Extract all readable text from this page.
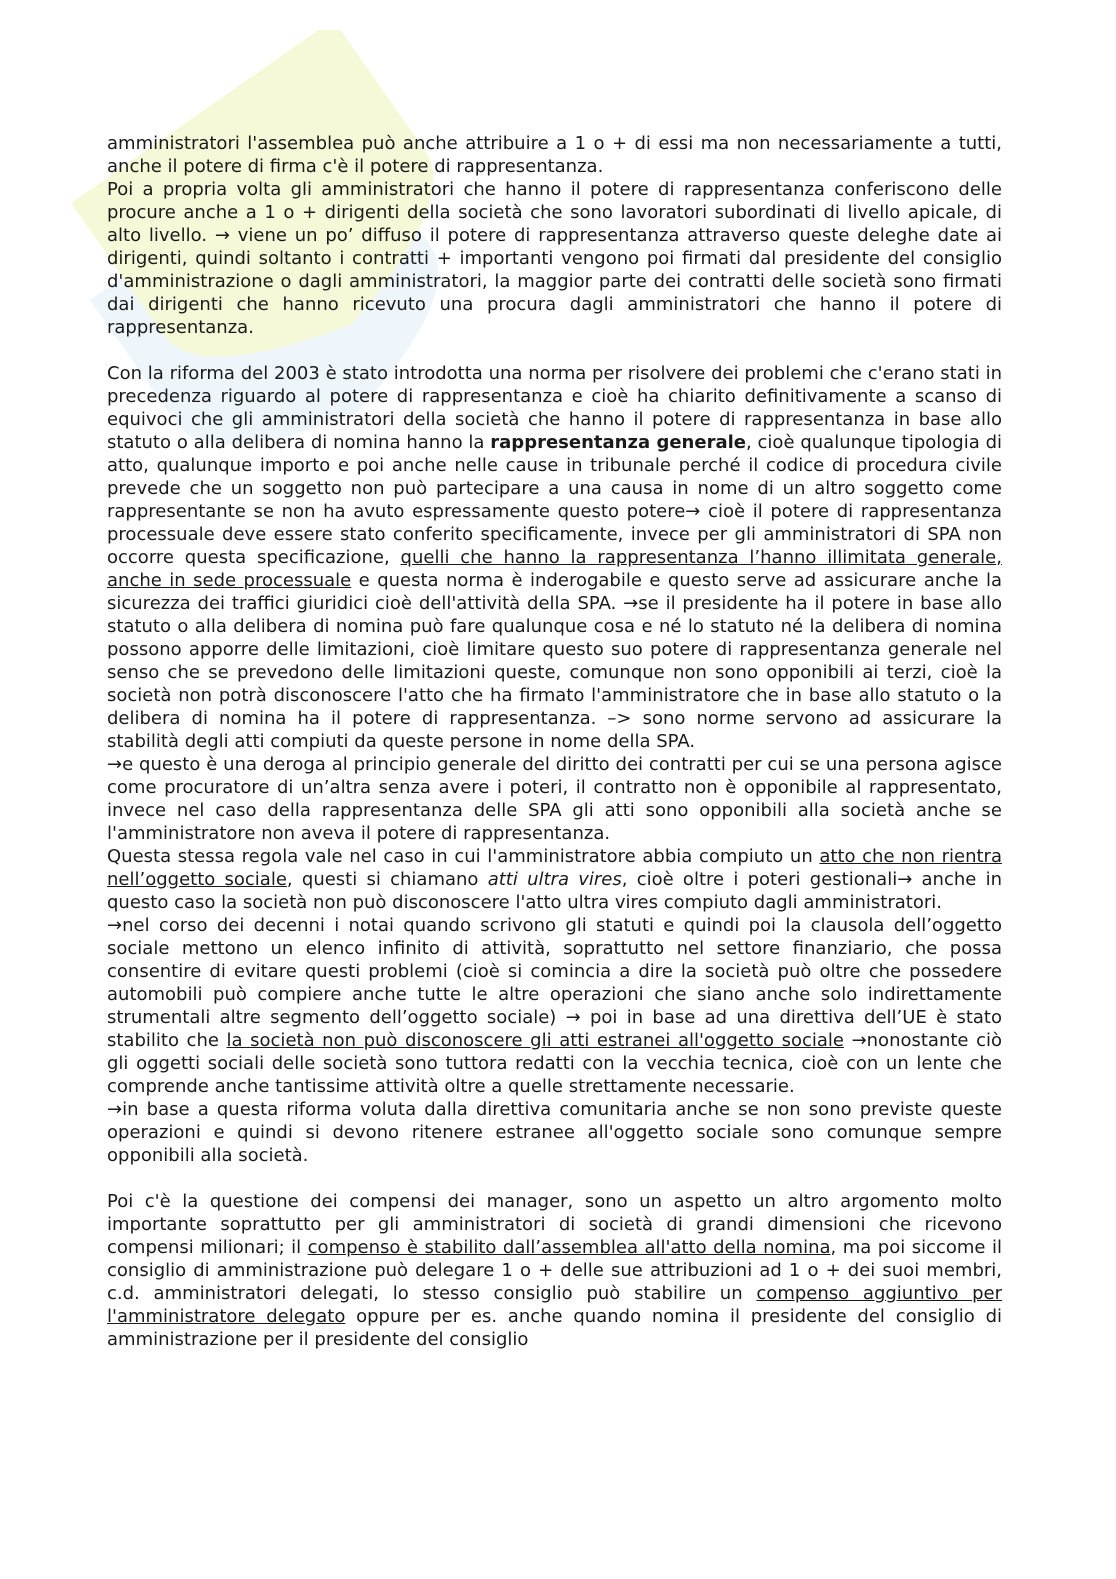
amministratori l'assemblea può anche attribuire a 1 o + di essi ma non necessariamente a tutti, anche il potere di firma c'è il potere di rappresentanza.

Poi a propria volta gli amministratori che hanno il potere di rappresentanza conferiscono delle procure anche a 1 o + dirigenti della società che sono lavoratori subordinati di livello apicale, di alto livello. → viene un po’ diffuso il potere di rappresentanza attraverso queste deleghe date ai dirigenti, quindi soltanto i contratti + importanti vengono poi firmati dal presidente del consiglio d'amministrazione o dagli amministratori, la maggior parte dei contratti delle società sono firmati dai dirigenti che hanno ricevuto una procura dagli amministratori che hanno il potere di rappresentanza.

Con la riforma del 2003 è stato introdotta una norma per risolvere dei problemi che c'erano stati in precedenza riguardo al potere di rappresentanza e cioè ha chiarito definitivamente a scanso di equivoci che gli amministratori della società che hanno il potere di rappresentanza in base allo statuto o alla delibera di nomina hanno la rappresentanza generale, cioè qualunque tipologia di atto, qualunque importo e poi anche nelle cause in tribunale perché il codice di procedura civile prevede che un soggetto non può partecipare a una causa in nome di un altro soggetto come rappresentante se non ha avuto espressamente questo potere→ cioè il potere di rappresentanza processuale deve essere stato conferito specificamente, invece per gli amministratori di SPA non occorre questa specificazione, quelli che hanno la rappresentanza l’hanno illimitata generale, anche in sede processuale e questa norma è inderogabile e questo serve ad assicurare anche la sicurezza dei traffici giuridici cioè dell'attività della SPA. →se il presidente ha il potere in base allo statuto o alla delibera di nomina può fare qualunque cosa e né lo statuto né la delibera di nomina possono apporre delle limitazioni, cioè limitare questo suo potere di rappresentanza generale nel senso che se prevedono delle limitazioni queste, comunque non sono opponibili ai terzi, cioè la società non potrà disconoscere l'atto che ha firmato l'amministratore che in base allo statuto o la delibera di nomina ha il potere di rappresentanza. –> sono norme servono ad assicurare la stabilità degli atti compiuti da queste persone in nome della SPA.

→e questo è una deroga al principio generale del diritto dei contratti per cui se una persona agisce come procuratore di un’altra senza avere i poteri, il contratto non è opponibile al rappresentato, invece nel caso della rappresentanza delle SPA gli atti sono opponibili alla società anche se l'amministratore non aveva il potere di rappresentanza.

Questa stessa regola vale nel caso in cui l'amministratore abbia compiuto un atto che non rientra nell’oggetto sociale, questi si chiamano atti ultra vires, cioè oltre i poteri gestionali→ anche in questo caso la società non può disconoscere l'atto ultra vires compiuto dagli amministratori.

→nel corso dei decenni i notai quando scrivono gli statuti e quindi poi la clausola dell’oggetto sociale mettono un elenco infinito di attività, soprattutto nel settore finanziario, che possa consentire di evitare questi problemi (cioè si comincia a dire la società può oltre che possedere automobili può compiere anche tutte le altre operazioni che siano anche solo indirettamente strumentali altre segmento dell’oggetto sociale) → poi in base ad una direttiva dell’UE è stato stabilito che la società non può disconoscere gli atti estranei all'oggetto sociale →nonostante ciò gli oggetti sociali delle società sono tuttora redatti con la vecchia tecnica, cioè con un lente che comprende anche tantissime attività oltre a quelle strettamente necessarie.

→in base a questa riforma voluta dalla direttiva comunitaria anche se non sono previste queste operazioni e quindi si devono ritenere estranee all'oggetto sociale sono comunque sempre opponibili alla società.

Poi c'è la questione dei compensi dei manager, sono un aspetto un altro argomento molto importante soprattutto per gli amministratori di società di grandi dimensioni che ricevono compensi milionari; il compenso è stabilito dall’assemblea all'atto della nomina, ma poi siccome il consiglio di amministrazione può delegare 1 o + delle sue attribuzioni ad 1 o + dei suoi membri, c.d. amministratori delegati, lo stesso consiglio può stabilire un compenso aggiuntivo per l'amministratore delegato oppure per es. anche quando nomina il presidente del consiglio di amministrazione per il presidente del consiglio
